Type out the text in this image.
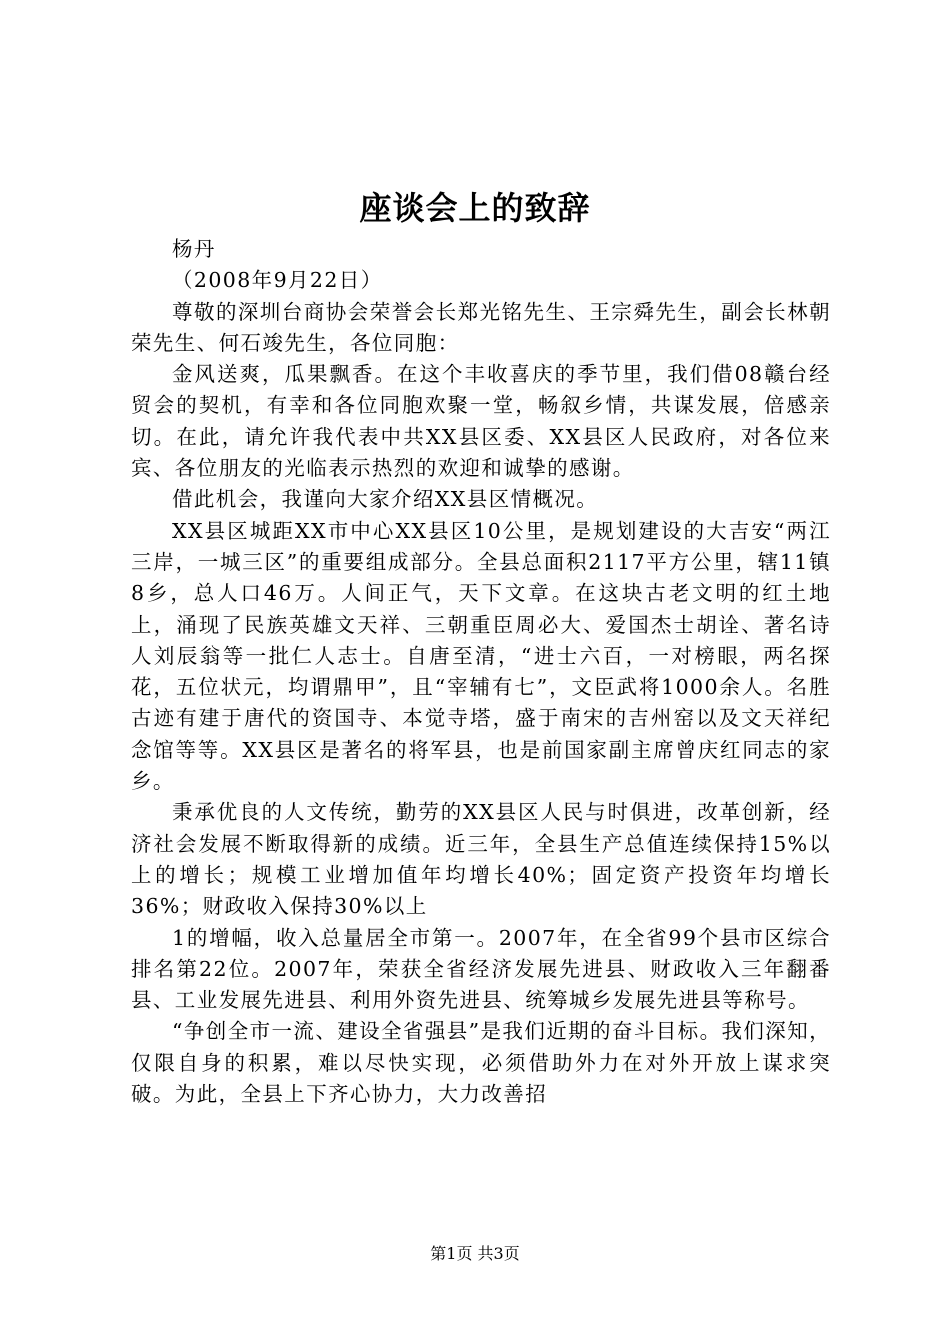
座谈会上的致辞

杨丹

（2008年9月22日）

尊敬的深圳台商协会荣誉会长郑光铭先生、王宗舜先生，副会长林朝荣先生、何石竣先生，各位同胞：

金风送爽，瓜果飘香。在这个丰收喜庆的季节里，我们借08赣台经贸会的契机，有幸和各位同胞欢聚一堂，畅叙乡情，共谋发展，倍感亲切。在此，请允许我代表中共XX县区委、XX县区人民政府，对各位来宾、各位朋友的光临表示热烈的欢迎和诚挚的感谢。

借此机会，我谨向大家介绍XX县区情概况。

XX县区城距XX市中心XX县区10公里，是规划建设的大吉安“两江三岸，一城三区”的重要组成部分。全县总面积2117平方公里，辖11镇8乡，总人口46万。人间正气，天下文章。在这块古老文明的红土地上，涌现了民族英雄文天祥、三朝重臣周必大、爱国杰士胡诠、著名诗人刘辰翁等一批仁人志士。自唐至清，“进士六百，一对榜眼，两名探花，五位状元，均谓鼎甲”，且“宰辅有七”，文臣武将1000余人。名胜古迹有建于唐代的资国寺、本觉寺塔，盛于南宋的吉州窑以及文天祥纪念馆等等。XX县区是著名的将军县，也是前国家副主席曾庆红同志的家乡。

秉承优良的人文传统，勤劳的XX县区人民与时俱进，改革创新，经济社会发展不断取得新的成绩。近三年，全县生产总值连续保持15%以上的增长；规模工业增加值年均增长40%；固定资产投资年均增长36%；财政收入保持30%以上

1的增幅，收入总量居全市第一。2007年，在全省99个县市区综合排名第22位。2007年，荣获全省经济发展先进县、财政收入三年翻番县、工业发展先进县、利用外资先进县、统筹城乡发展先进县等称号。

“争创全市一流、建设全省强县”是我们近期的奋斗目标。我们深知，仅限自身的积累，难以尽快实现，必须借助外力在对外开放上谋求突破。为此，全县上下齐心协力，大力改善招

第1页 共3页
